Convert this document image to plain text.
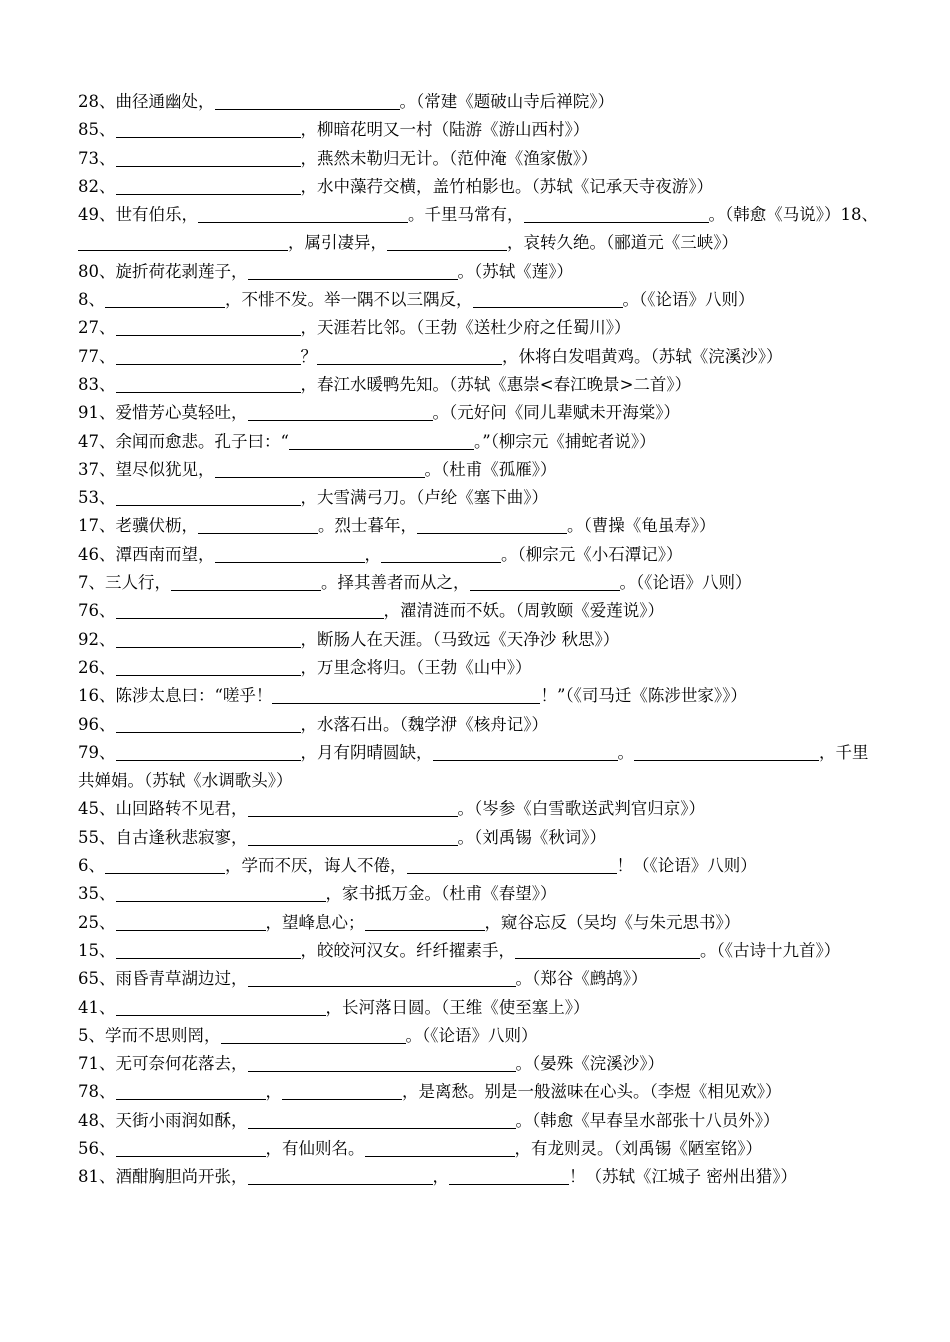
28、曲径通幽处，	。（常建《题破山寺后禅院》）
85、	，柳暗花明又一村（陆游《游山西村》）
73、	，燕然未勒归无计。（范仲淹《渔家傲》）
82、	，水中藻荇交横，盖竹柏影也。（苏轼《记承天寺夜游》）
49、世有伯乐，	。千里马常有，	。（韩愈《马说》）18、，属引凄异，	，哀转久绝。（郦道元《三峡》）
80、旋折荷花剥莲子，	。（苏轼《莲》）
8、	，不悱不发。举一隅不以三隅反，	。（《论语》八则）
27、	，天涯若比邻。（王勃《送杜少府之任蜀川》）
77、	？	，休将白发唱黄鸡。（苏轼《浣溪沙》）
83、	，春江水暖鸭先知。（苏轼《惠崇<春江晚景>二首》）
91、爱惜芳心莫轻吐，	。（元好问《同儿辈赋未开海棠》）
47、余闻而愈悲。孔子曰：“	。”（柳宗元《捕蛇者说》）
37、望尽似犹见，	。（杜甫《孤雁》）
53、	，大雪满弓刀。（卢纶《塞下曲》）
17、老骥伏枥，	。烈士暮年，	。（曹操《龟虽寿》）
46、潭西南而望，	，	。（柳宗元《小石潭记》）
7、三人行，	。择其善者而从之，	。（《论语》八则）
76、	，濯清涟而不妖。（周敦颐《爱莲说》）
92、	，断肠人在天涯。（马致远《天净沙 秋思》）
26、	，万里念将归。（王勃《山中》）
16、陈涉太息曰：“嗟乎！	！”（《司马迁《陈涉世家》》）
96、	，水落石出。（魏学洢《核舟记》）
79、	，月有阴晴圆缺，	。	，千里共婵娟。（苏轼《水调歌头》）
45、山回路转不见君，	。（岑参《白雪歌送武判官归京》）
55、自古逢秋悲寂寥，	。（刘禹锡《秋词》）
6、	，学而不厌，诲人不倦，	！（《论语》八则）
35、	，家书抵万金。（杜甫《春望》）
25、	，望峰息心；	，窥谷忘反（吴均《与朱元思书》）
15、	，皎皎河汉女。纤纤擢素手，	。（《古诗十九首》）
65、雨昏青草湖边过，	。（郑谷《鹧鸪》）
41、	，长河落日圆。（王维《使至塞上》）
5、学而不思则罔，	。（《论语》八则）
71、无可奈何花落去，	。（晏殊《浣溪沙》）
78、	，	，是离愁。别是一般滋味在心头。（李煜《相见欢》）
48、天街小雨润如酥，	。（韩愈《早春呈水部张十八员外》）
56、	，有仙则名。	，有龙则灵。（刘禹锡《陋室铭》）
81、酒酣胸胆尚开张，	，	！（苏轼《江城子 密州出猎》）
